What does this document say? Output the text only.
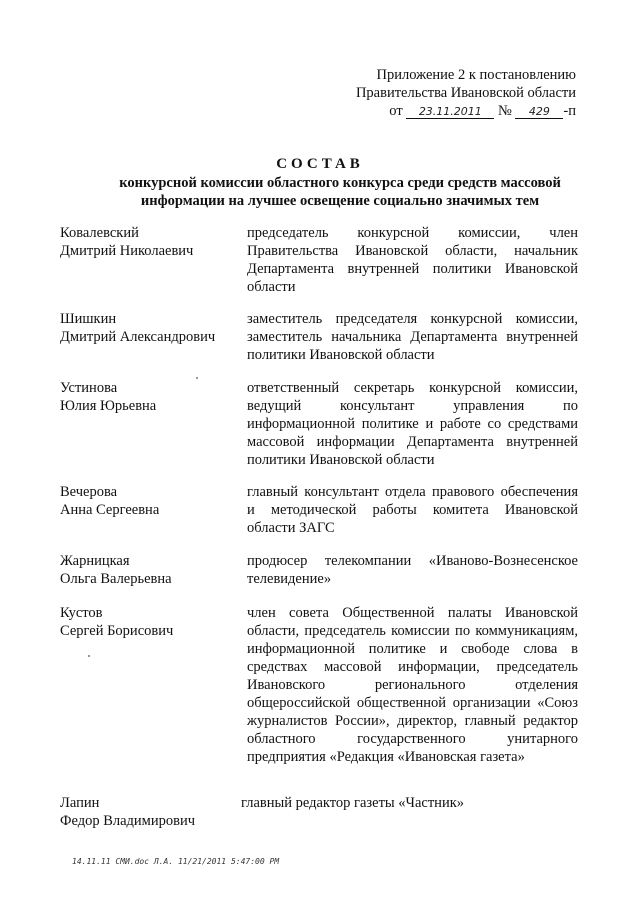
Приложение 2 к постановлению
Правительства Ивановской области
от 23.11.2011 № 429 -п
СОСТАВ
конкурсной комиссии областного конкурса среди средств массовой информации на лучшее освещение социально значимых тем
Ковалевский
Дмитрий Николаевич
председатель конкурсной комиссии, член Правительства Ивановской области, начальник Департамента внутренней политики Ивановской области
Шишкин
Дмитрий Александрович
заместитель председателя конкурсной комиссии, заместитель начальника Департамента внутренней политики Ивановской области
Устинова
Юлия Юрьевна
ответственный секретарь конкурсной комиссии, ведущий консультант управления по информационной политике и работе со средствами массовой информации Департамента внутренней политики Ивановской области
Вечерова
Анна Сергеевна
главный консультант отдела правового обеспечения и методической работы комитета Ивановской области ЗАГС
Жарницкая
Ольга Валерьевна
продюсер телекомпании «Иваново-Вознесенское телевидение»
Кустов
Сергей Борисович
член совета Общественной палаты Ивановской области, председатель комиссии по коммуникациям, информационной политике и свободе слова в средствах массовой информации, председатель Ивановского регионального отделения общероссийской общественной организации «Союз журналистов России», директор, главный редактор областного государственного унитарного предприятия «Редакция «Ивановская газета»
Лапин
Федор Владимирович
главный редактор газеты «Частник»
14.11.11 СМИ.doc Л.А. 11/21/2011 5:47:00 PM
